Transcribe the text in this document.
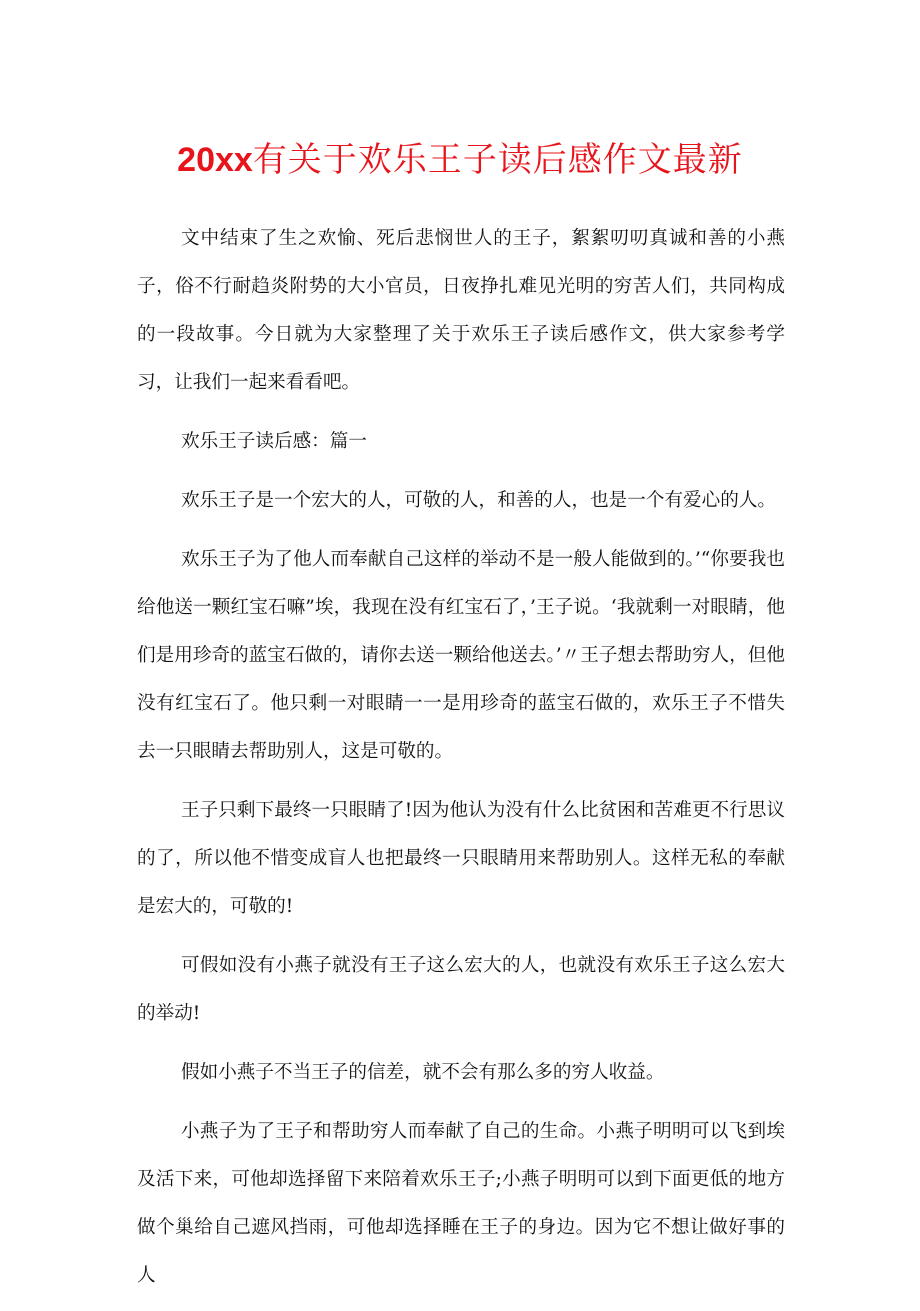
20xx有关于欢乐王子读后感作文最新

文中结束了生之欢愉、死后悲悯世人的王子，絮絮叨叨真诚和善的小燕子，俗不行耐趋炎附势的大小官员，日夜挣扎难见光明的穷苦人们，共同构成的一段故事。今日就为大家整理了关于欢乐王子读后感作文，供大家参考学习，让我们一起来看看吧。

欢乐王子读后感：篇一

欢乐王子是一个宏大的人，可敬的人，和善的人，也是一个有爱心的人。

欢乐王子为了他人而奉献自己这样的举动不是一般人能做到的。’“你要我也给他送一颗红宝石嘛”埃，我现在没有红宝石了，’王子说。‘我就剩一对眼睛，他们是用珍奇的蓝宝石做的，请你去送一颗给他送去。’〃王子想去帮助穷人，但他没有红宝石了。他只剩一对眼睛一一是用珍奇的蓝宝石做的，欢乐王子不惜失去一只眼睛去帮助别人，这是可敬的。

王子只剩下最终一只眼睛了!因为他认为没有什么比贫困和苦难更不行思议的了，所以他不惜变成盲人也把最终一只眼睛用来帮助别人。这样无私的奉献是宏大的，可敬的!

可假如没有小燕子就没有王子这么宏大的人，也就没有欢乐王子这么宏大的举动!

假如小燕子不当王子的信差，就不会有那么多的穷人收益。

小燕子为了王子和帮助穷人而奉献了自己的生命。小燕子明明可以飞到埃及活下来，可他却选择留下来陪着欢乐王子;小燕子明明可以到下面更低的地方做个巢给自己遮风挡雨，可他却选择睡在王子的身边。因为它不想让做好事的人
